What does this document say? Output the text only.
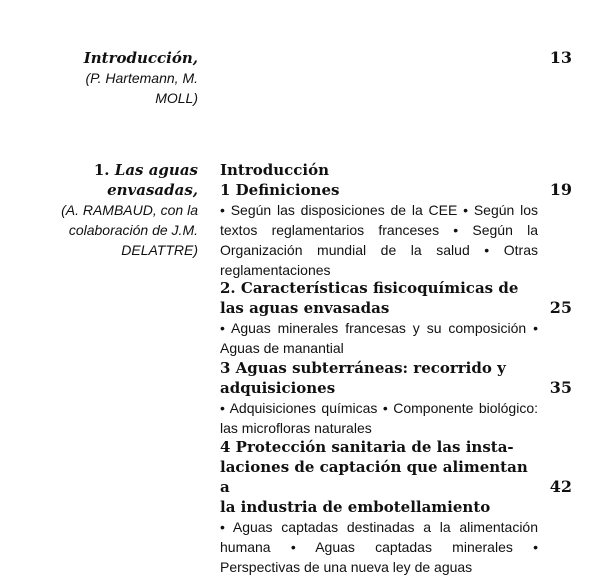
Introducción,
(P. Hartemann, M.
MOLL)
13
1. Las aguas
envasadas,
(A. RAMBAUD, con la
colaboración de J.M.
DELATTRE)
Introducción
1 Definiciones
• Según las disposiciones de la CEE • Según los textos reglamentarios franceses • Según la Organización mundial de la salud • Otras reglamentaciones
19
2. Características fisicoquímicas de
las aguas envasadas
• Aguas minerales francesas y su composición • Aguas de manantial
25
3 Aguas subterráneas: recorrido y
adquisiciones
• Adquisiciones químicas • Componente biológico: las microfloras naturales
35
4 Protección sanitaria de las insta-
laciones de captación que alimentan a
la industria de embotellamiento
• Aguas captadas destinadas a la alimentación humana • Aguas captadas minerales • Perspectivas de una nueva ley de aguas
42
